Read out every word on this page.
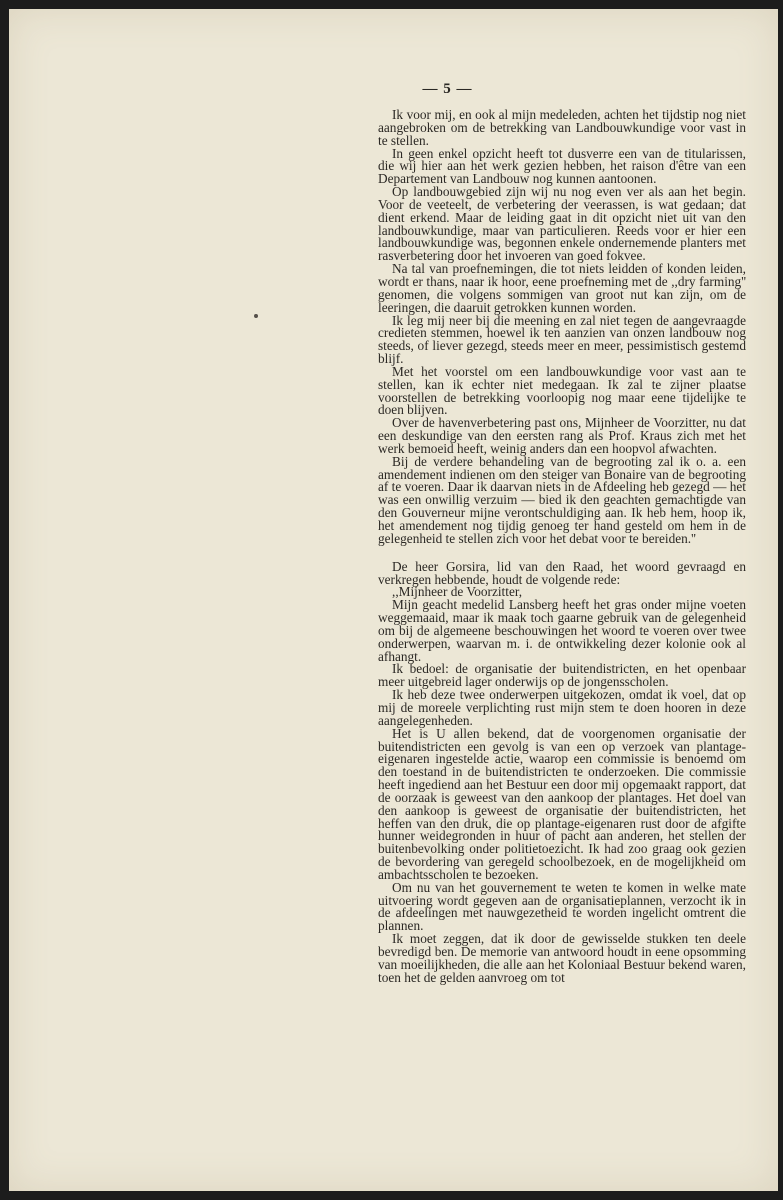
— 5 —

Ik voor mij, en ook al mijn medeleden, achten het tijdstip nog niet aangebroken om de betrekking van Landbouwkundige voor vast in te stellen.

In geen enkel opzicht heeft tot dusverre een van de titularissen, die wij hier aan het werk gezien hebben, het raison d'être van een Departement van Landbouw nog kunnen aantoonen.

Op landbouwgebied zijn wij nu nog even ver als aan het begin. Voor de veeteelt, de verbetering der veerassen, is wat gedaan; dat dient erkend. Maar de leiding gaat in dit opzicht niet uit van den landbouwkundige, maar van particulieren. Reeds voor er hier een landbouwkundige was, begonnen enkele ondernemende planters met rasverbetering door het invoeren van goed fokvee.

Na tal van proefnemingen, die tot niets leidden of konden leiden, wordt er thans, naar ik hoor, eene proefneming met de ,,dry farming'' genomen, die volgens sommigen van groot nut kan zijn, om de leeringen, die daaruit getrokken kunnen worden.

Ik leg mij neer bij die meening en zal niet tegen de aangevraagde credieten stemmen, hoewel ik ten aanzien van onzen landbouw nog steeds, of liever gezegd, steeds meer en meer, pessimistisch gestemd blijf.

Met het voorstel om een landbouwkundige voor vast aan te stellen, kan ik echter niet medegaan. Ik zal te zijner plaatse voorstellen de betrekking voorloopig nog maar eene tijdelijke te doen blijven.

Over de havenverbetering past ons, Mijnheer de Voorzitter, nu dat een deskundige van den eersten rang als Prof. Kraus zich met het werk bemoeid heeft, weinig anders dan een hoopvol afwachten.

Bij de verdere behandeling van de begrooting zal ik o. a. een amendement indienen om den steiger van Bonaire van de begrooting af te voeren. Daar ik daarvan niets in de Afdeeling heb gezegd — het was een onwillig verzuim — bied ik den geachten gemachtigde van den Gouverneur mijne verontschuldiging aan. Ik heb hem, hoop ik, het amendement nog tijdig genoeg ter hand gesteld om hem in de gelegenheid te stellen zich voor het debat voor te bereiden.''

De heer Gorsira, lid van den Raad, het woord gevraagd en verkregen hebbende, houdt de volgende rede:

,,Mijnheer de Voorzitter,

Mijn geacht medelid Lansberg heeft het gras onder mijne voeten weggemaaid, maar ik maak toch gaarne gebruik van de gelegenheid om bij de algemeene beschouwingen het woord te voeren over twee onderwerpen, waarvan m. i. de ontwikkeling dezer kolonie ook al afhangt.

Ik bedoel: de organisatie der buitendistricten, en het openbaar meer uitgebreid lager onderwijs op de jongensscholen.

Ik heb deze twee onderwerpen uitgekozen, omdat ik voel, dat op mij de moreele verplichting rust mijn stem te doen hooren in deze aangelegenheden.

Het is U allen bekend, dat de voorgenomen organisatie der buitendistricten een gevolg is van een op verzoek van plantage-eigenaren ingestelde actie, waarop een commissie is benoemd om den toestand in de buitendistricten te onderzoeken. Die commissie heeft ingediend aan het Bestuur een door mij opgemaakt rapport, dat de oorzaak is geweest van den aankoop der plantages. Het doel van den aankoop is geweest de organisatie der buitendistricten, het heffen van den druk, die op plantage-eigenaren rust door de afgifte hunner weidegronden in huur of pacht aan anderen, het stellen der buitenbevolking onder politietoezicht. Ik had zoo graag ook gezien de bevordering van geregeld schoolbezoek, en de mogelijkheid om ambachtsscholen te bezoeken.

Om nu van het gouvernement te weten te komen in welke mate uitvoering wordt gegeven aan de organisatieplannen, verzocht ik in de afdeelingen met nauwgezetheid te worden ingelicht omtrent die plannen.

Ik moet zeggen, dat ik door de gewisselde stukken ten deele bevredigd ben. De memorie van antwoord houdt in eene opsomming van moeilijkheden, die alle aan het Koloniaal Bestuur bekend waren, toen het de gelden aanvroeg om tot
